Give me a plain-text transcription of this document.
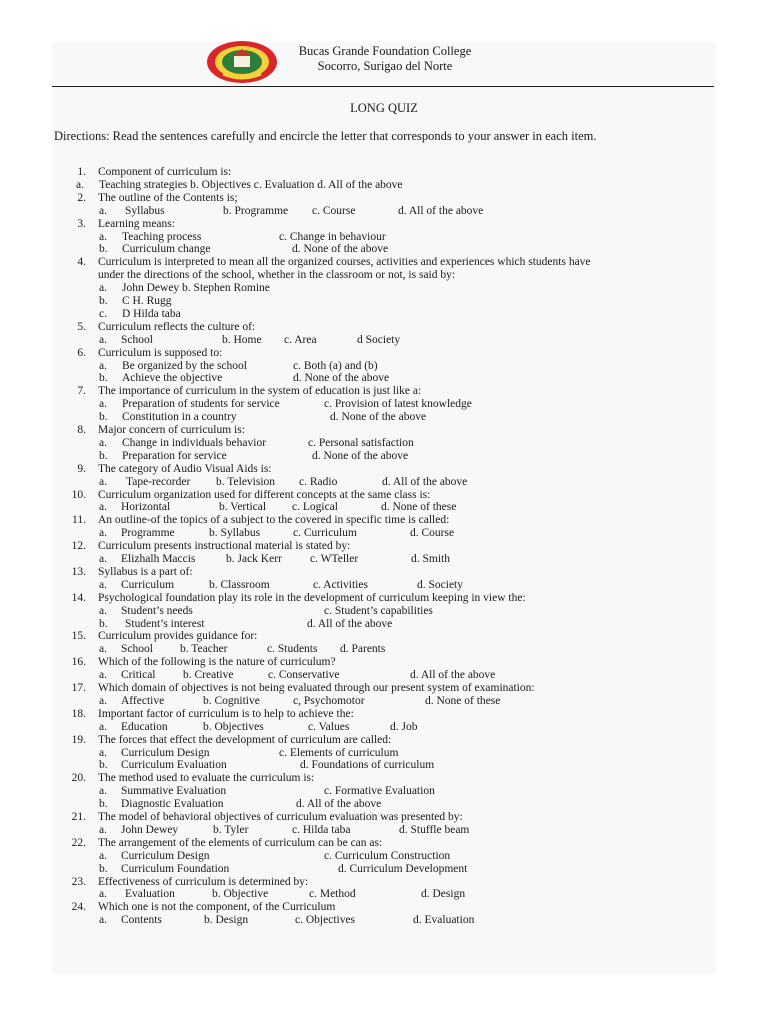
Bucas Grande Foundation College
Socorro, Surigao del Norte
LONG QUIZ
Directions: Read the sentences carefully and encircle the letter that corresponds to your answer in each item.
1. Component of curriculum is:
a. Teaching strategies b. Objectives c. Evaluation d. All of the above
2. The outline of the Contents is;
a. Syllabus	b. Programme c. Course	d. All of the above
3. Learning means:
a. Teaching process	c. Change in behaviour
b. Curriculum change	d. None of the above
4. Curriculum is interpreted to mean all the organized courses, activities and experiences which students have
under the directions of the school, whether in the classroom or not, is said by:
a. John Dewey b. Stephen Romine
b. C H. Rugg
c. D Hilda taba
5. Curriculum reflects the culture of:
a. School	b. Home c. Area	d Society
6. Curriculum is supposed to:
a. Be organized by the school	c. Both (a) and (b)
b. Achieve the objective	d. None of the above
7. The importance of curriculum in the system of education is just like a:
a. Preparation of students for service	c. Provision of latest knowledge
b. Constitution in a country	d. None of the above
8. Major concern of curriculum is:
a. Change in individuals behavior	c. Personal satisfaction
b. Preparation for service	d. None of the above
9. The category of Audio Visual Aids is:
a. Tape-recorder b. Television c. Radio	d. All of the above
10. Curriculum organization used for different concepts at the same class is:
a. Horizontal	b. Vertical c. Logical	d. None of these
11. An outline-of the topics of a subject to the covered in specific time is called:
a. Programme	b. Syllabus	c. Curriculum	d. Course
12. Curriculum presents instructional material is stated by:
a. Elizhalh Maccis	b. Jack Kerr c. WTeller	d. Smith
13. Syllabus is a part of:
a. Curriculum	b. Classroom	c. Activities	d. Society
14. Psychological foundation play its role in the development of curriculum keeping in view the:
a. Student’s needs	c. Student’s capabilities
b. Student’s interest	d. All of the above
15. Curriculum provides guidance for:
a. School b. Teacher	c. Students d. Parents
16. Which of the following is the nature of curriculum?
a. Critical b. Creative	c. Conservative	d. All of the above
17. Which domain of objectives is not being evaluated through our present system of examination:
a. Affective	b. Cognitive	c, Psychomotor	d. None of these
18. Important factor of curriculum is to help to achieve the:
a. Education	b. Objectives	c. Values	d. Job
19. The forces that effect the development of curriculum are called:
a. Curriculum Design	c. Elements of curriculum
b. Curriculum Evaluation	d. Foundations of curriculum
20. The method used to evaluate the curriculum is:
a. Summative Evaluation	c. Formative Evaluation
b. Diagnostic Evaluation	d. All of the above
21. The model of behavioral objectives of curriculum evaluation was presented by:
a. John Dewey	b. Tyler	c. Hilda taba	d. Stuffle beam
22. The arrangement of the elements of curriculum can be can as:
a. Curriculum Design	c. Curriculum Construction
b. Curriculum Foundation	d. Curriculum Development
23. Effectiveness of curriculum is determined by:
a. Evaluation	b. Objective	c. Method	d. Design
24. Which one is not the component, of the Curriculum
a. Contents	b. Design	c. Objectives	d. Evaluation
